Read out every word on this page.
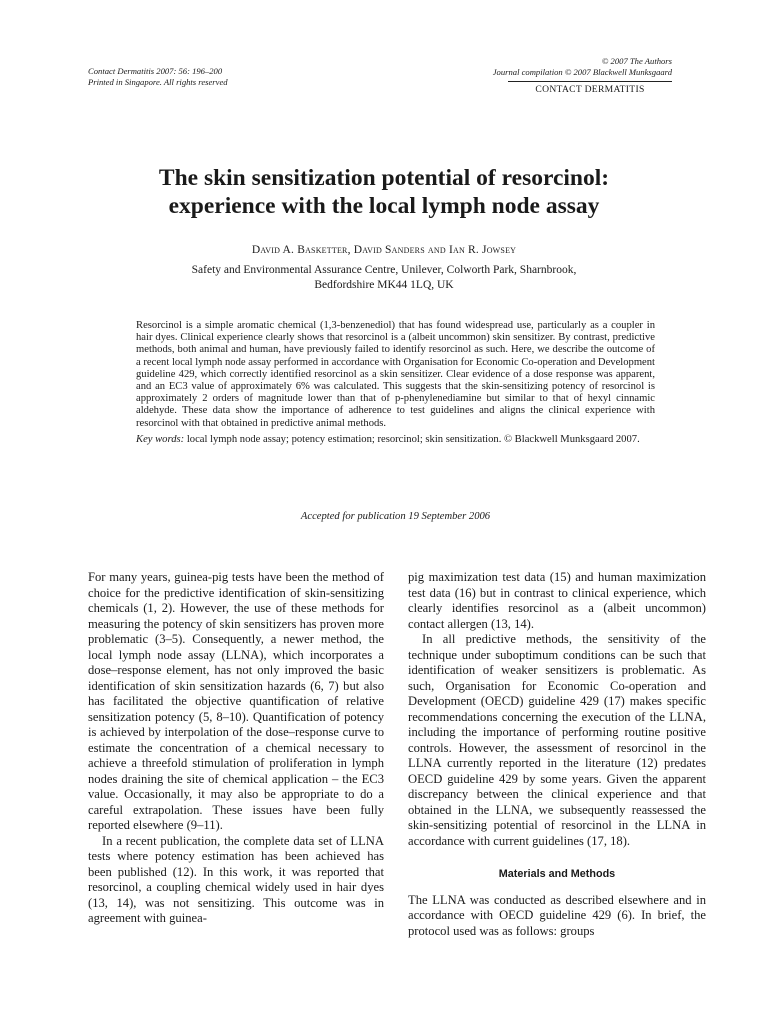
Contact Dermatitis 2007: 56: 196–200
Printed in Singapore. All rights reserved
© 2007 The Authors
Journal compilation © 2007 Blackwell Munksgaard
CONTACT DERMATITIS
The skin sensitization potential of resorcinol:
experience with the local lymph node assay
David A. Basketter, David Sanders and Ian R. Jowsey
Safety and Environmental Assurance Centre, Unilever, Colworth Park, Sharnbrook,
Bedfordshire MK44 1LQ, UK

Resorcinol is a simple aromatic chemical (1,3-benzenediol) that has found widespread use, particularly as a coupler in hair dyes. Clinical experience clearly shows that resorcinol is a (albeit uncommon) skin sensitizer. By contrast, predictive methods, both animal and human, have previously failed to identify resorcinol as such. Here, we describe the outcome of a recent local lymph node assay performed in accordance with Organisation for Economic Co-operation and Development guideline 429, which correctly identified resorcinol as a skin sensitizer. Clear evidence of a dose response was apparent, and an EC3 value of approximately 6% was calculated. This suggests that the skin-sensitizing potency of resorcinol is approximately 2 orders of magnitude lower than that of p-phenylenediamine but similar to that of hexyl cinnamic aldehyde. These data show the importance of adherence to test guidelines and aligns the clinical experience with resorcinol with that obtained in predictive animal methods.

Key words: local lymph node assay; potency estimation; resorcinol; skin sensitization. © Blackwell Munksgaard 2007.

Accepted for publication 19 September 2006

For many years, guinea-pig tests have been the method of choice for the predictive identification of skin-sensitizing chemicals (1, 2). However, the use of these methods for measuring the potency of skin sensitizers has proven more problematic (3–5). Consequently, a newer method, the local lymph node assay (LLNA), which incorporates a dose–response element, has not only improved the basic identification of skin sensitization hazards (6, 7) but also has facilitated the objective quantification of relative sensitization potency (5, 8–10). Quantification of potency is achieved by interpolation of the dose–response curve to estimate the concentration of a chemical necessary to achieve a threefold stimulation of proliferation in lymph nodes draining the site of chemical application – the EC3 value. Occasionally, it may also be appropriate to do a careful extrapolation. These issues have been fully reported elsewhere (9–11).

In a recent publication, the complete data set of LLNA tests where potency estimation has been achieved has been published (12). In this work, it was reported that resorcinol, a coupling chemical widely used in hair dyes (13, 14), was not sensitizing. This outcome was in agreement with guinea-

pig maximization test data (15) and human maximization test data (16) but in contrast to clinical experience, which clearly identifies resorcinol as a (albeit uncommon) contact allergen (13, 14).

In all predictive methods, the sensitivity of the technique under suboptimum conditions can be such that identification of weaker sensitizers is problematic. As such, Organisation for Economic Co-operation and Development (OECD) guideline 429 (17) makes specific recommendations concerning the execution of the LLNA, including the importance of performing routine positive controls. However, the assessment of resorcinol in the LLNA currently reported in the literature (12) predates OECD guideline 429 by some years. Given the apparent discrepancy between the clinical experience and that obtained in the LLNA, we subsequently reassessed the skin-sensitizing potential of resorcinol in the LLNA in accordance with current guidelines (17, 18).

Materials and Methods

The LLNA was conducted as described elsewhere and in accordance with OECD guideline 429 (6). In brief, the protocol used was as follows: groups
